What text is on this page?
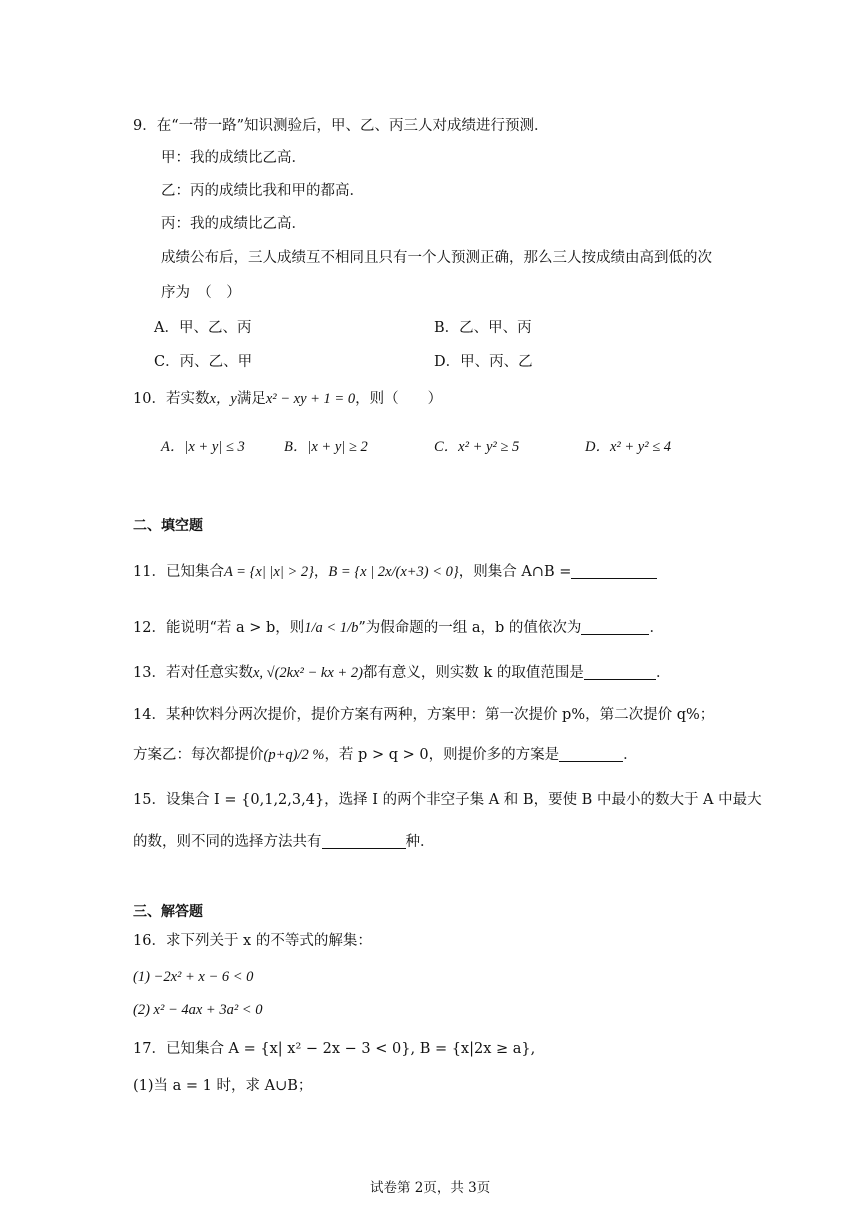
9．在“一带一路”知识测验后，甲、乙、丙三人对成绩进行预测．
甲：我的成绩比乙高．
乙：丙的成绩比我和甲的都高．
丙：我的成绩比乙高．
成绩公布后，三人成绩互不相同且只有一个人预测正确，那么三人按成绩由高到低的次
序为　（　）
A．甲、乙、丙	B．乙、甲、丙
C．丙、乙、甲	D．甲、丙、乙
10．若实数x，y满足x² − xy + 1 = 0，则（　　）
A．|x + y| ≤ 3	B．|x + y| ≥ 2	C．x² + y² ≥ 5	D．x² + y² ≤ 4
二、填空题
11．已知集合A = {x| |x| > 2}，B = {x | 2x/(x+3) < 0}，则集合 A∩B =
12．能说明“若 a > b，则1/a < 1/b”为假命题的一组 a，b 的值依次为	．
13．若对任意实数x, √(2kx² − kx + 2)都有意义，则实数 k 的取值范围是	．
14．某种饮料分两次提价，提价方案有两种，方案甲：第一次提价 p%，第二次提价 q%；
方案乙：每次都提价(p+q)/2 %，若 p > q > 0，则提价多的方案是	．
15．设集合 I = {0,1,2,3,4}，选择 I 的两个非空子集 A 和 B，要使 B 中最小的数大于 A 中最大
的数，则不同的选择方法共有	种．
三、解答题
16．求下列关于 x 的不等式的解集：
(1) −2x² + x − 6 < 0
(2) x² − 4ax + 3a² < 0
17．已知集合 A = {x| x² − 2x − 3 < 0}, B = {x|2x ≥ a},
(1)当 a = 1 时，求 A∪B；
试卷第 2页，共 3页
